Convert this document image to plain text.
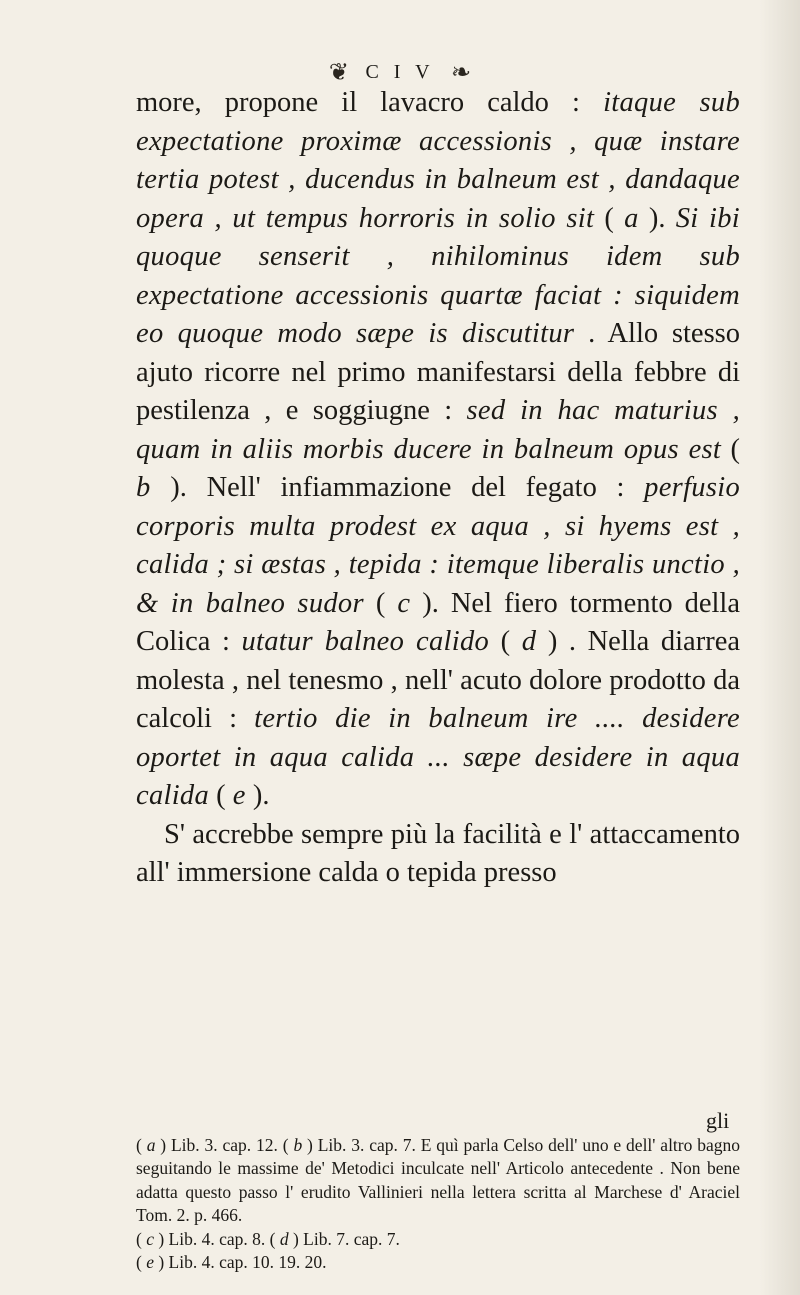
❦ C I V ❧

more, propone il lavacro caldo : itaque sub expectatione proximæ accessionis , quæ instare tertia potest , ducendus in balneum est , dandaque opera , ut tempus horroris in solio sit ( a ). Si ibi quoque senserit , nihilominus idem sub expectatione accessionis quartæ faciat : siquidem eo quoque modo sæpe is discutitur . Allo stesso ajuto ricorre nel primo manifestarsi della febbre di pestilenza , e soggiugne : sed in hac maturius , quam in aliis morbis ducere in balneum opus est ( b ). Nell' infiammazione del fegato : perfusio corporis multa prodest ex aqua , si hyems est , calida ; si æstas , tepida : itemque liberalis unctio , & in balneo sudor ( c ). Nel fiero tormento della Colica : utatur balneo calido ( d ) . Nella diarrea molesta , nel tenesmo , nell' acuto dolore prodotto da calcoli : tertio die in balneum ire .... desidere oportet in aqua calida ... sæpe desidere in aqua calida ( e ).

S' accrebbe sempre più la facilità e l' attaccamento all' immersione calda o tepida presso

gli

( a ) Lib. 3. cap. 12. ( b ) Lib. 3. cap. 7. E quì parla Celso dell' uno e dell' altro bagno seguitando le massime de' Metodici inculcate nell' Articolo antecedente . Non bene adatta questo passo l' erudito Vallinieri nella lettera scritta al Marchese d' Araciel Tom. 2. p. 466.

( c ) Lib. 4. cap. 8. ( d ) Lib. 7. cap. 7.

( e ) Lib. 4. cap. 10. 19. 20.
